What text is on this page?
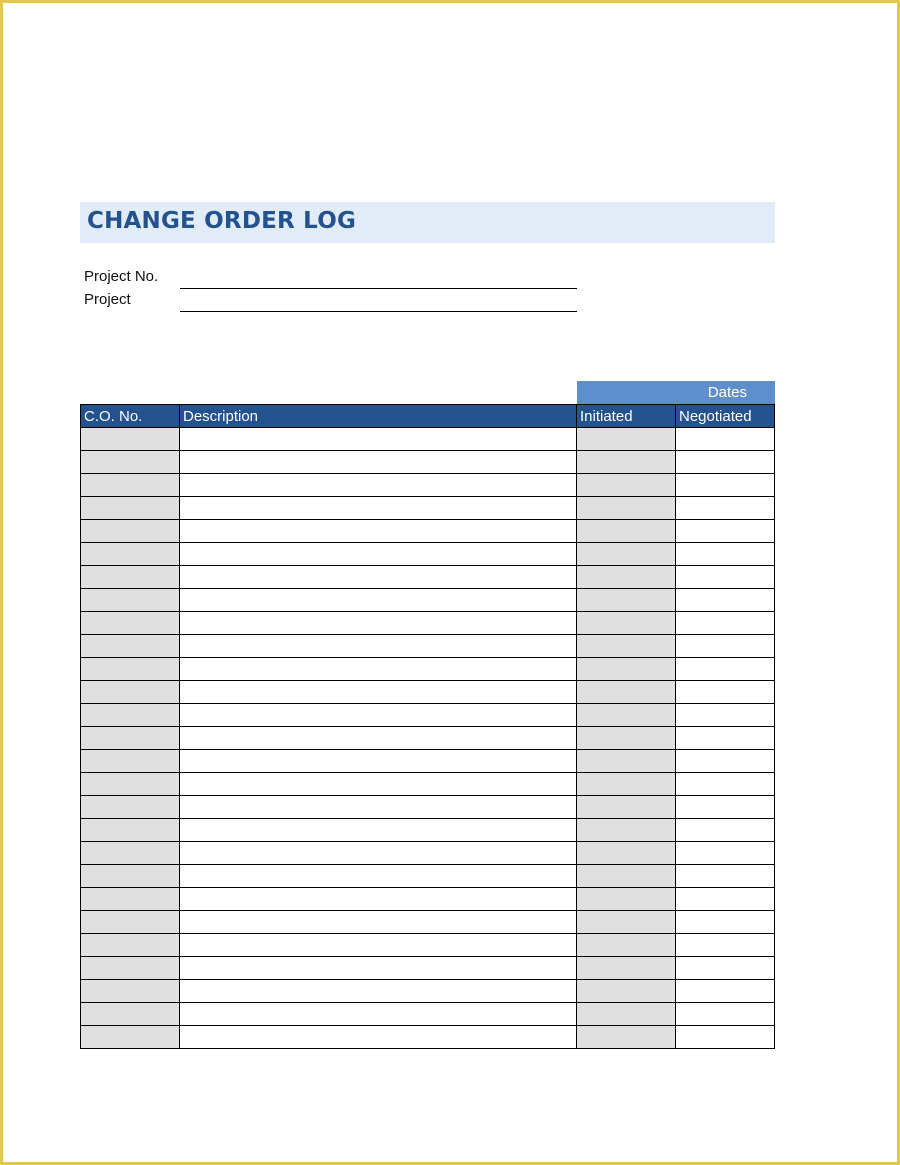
CHANGE ORDER LOG
Project No.
Project
Dates
C.O. No.	Description	Initiated	Negotiated
